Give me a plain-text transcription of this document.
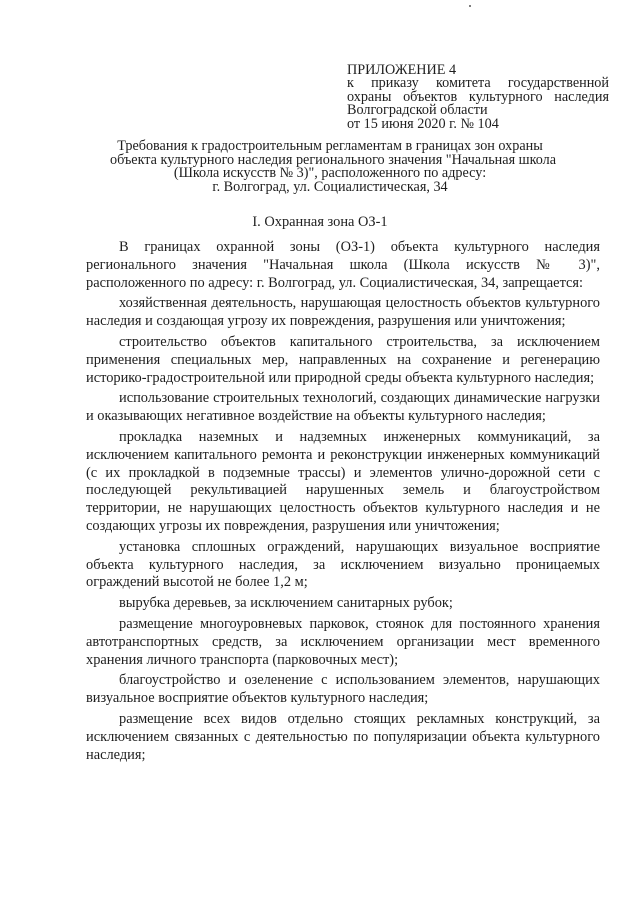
ПРИЛОЖЕНИЕ 4
к приказу комитета государственной
охраны объектов культурного наследия
Волгоградской области
от 15 июня 2020 г. № 104
Требования к градостроительным регламентам в границах зон охраны
объекта культурного наследия регионального значения "Начальная школа
(Школа искусств № 3)", расположенного по адресу:
г. Волгоград, ул. Социалистическая, 34
I. Охранная зона ОЗ-1

В границах охранной зоны (ОЗ-1) объекта культурного наследия регионального значения "Начальная школа (Школа искусств № 3)", расположенного по адресу: г. Волгоград, ул. Социалистическая, 34, запрещается:

хозяйственная деятельность, нарушающая целостность объектов культурного наследия и создающая угрозу их повреждения, разрушения или уничтожения;

строительство объектов капитального строительства, за исключением применения специальных мер, направленных на сохранение и регенерацию историко-градостроительной или природной среды объекта культурного наследия;

использование строительных технологий, создающих динамические нагрузки и оказывающих негативное воздействие на объекты культурного наследия;

прокладка наземных и надземных инженерных коммуникаций, за исключением капитального ремонта и реконструкции инженерных коммуникаций (с их прокладкой в подземные трассы) и элементов улично-дорожной сети с последующей рекультивацией нарушенных земель и благоустройством территории, не нарушающих целостность объектов культурного наследия и не создающих угрозы их повреждения, разрушения или уничтожения;

установка сплошных ограждений, нарушающих визуальное восприятие объекта культурного наследия, за исключением визуально проницаемых ограждений высотой не более 1,2 м;

вырубка деревьев, за исключением санитарных рубок;

размещение многоуровневых парковок, стоянок для постоянного хранения автотранспортных средств, за исключением организации мест временного хранения личного транспорта (парковочных мест);

благоустройство и озеленение с использованием элементов, нарушающих визуальное восприятие объектов культурного наследия;

размещение всех видов отдельно стоящих рекламных конструкций, за исключением связанных с деятельностью по популяризации объекта культурного наследия;
